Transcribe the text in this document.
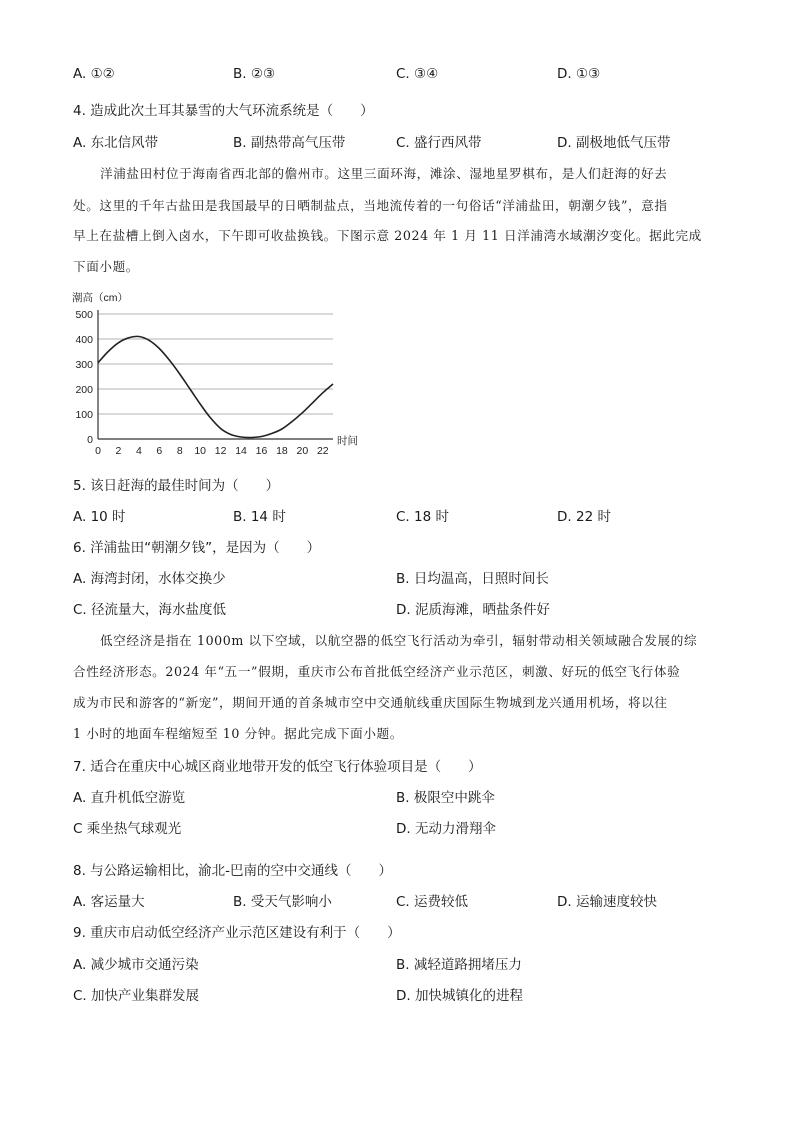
A. ①②	B. ②③	C. ③④	D. ①③
4. 造成此次土耳其暴雪的大气环流系统是（　　）
A. 东北信风带	B. 副热带高气压带	C. 盛行西风带	D. 副极地低气压带
洋浦盐田村位于海南省西北部的儋州市。这里三面环海，滩涂、湿地星罗棋布，是人们赶海的好去
处。这里的千年古盐田是我国最早的日晒制盐点，当地流传着的一句俗话“洋浦盐田，朝潮夕钱”，意指
早上在盐槽上倒入卤水，下午即可收盐换钱。下图示意 2024 年 1 月 11 日洋浦湾水域潮汐变化。据此完成
下面小题。
0
100
200
300
400
500
0 2 4 6 8 10 12 14 16 18 20 22
潮高（cm）
时间
5. 该日赶海的最佳时间为（　　）
A. 10 时	B. 14 时	C. 18 时	D. 22 时
6. 洋浦盐田“朝潮夕钱”，是因为（　　）
A. 海湾封闭，水体交换少	B. 日均温高，日照时间长
C. 径流量大，海水盐度低	D. 泥质海滩，晒盐条件好
低空经济是指在 1000m 以下空域，以航空器的低空飞行活动为牵引，辐射带动相关领域融合发展的综
合性经济形态。2024 年“五一”假期，重庆市公布首批低空经济产业示范区，刺激、好玩的低空飞行体验
成为市民和游客的“新宠”，期间开通的首条城市空中交通航线重庆国际生物城到龙兴通用机场，将以往
1 小时的地面车程缩短至 10 分钟。据此完成下面小题。
7. 适合在重庆中心城区商业地带开发的低空飞行体验项目是（　　）
A. 直升机低空游览	B. 极限空中跳伞
C 乘坐热气球观光	D. 无动力滑翔伞
8. 与公路运输相比，渝北-巴南的空中交通线（　　）
A. 客运量大	B. 受天气影响小	C. 运费较低	D. 运输速度较快
9. 重庆市启动低空经济产业示范区建设有利于（　　）
A. 减少城市交通污染	B. 减轻道路拥堵压力
C. 加快产业集群发展	D. 加快城镇化的进程
